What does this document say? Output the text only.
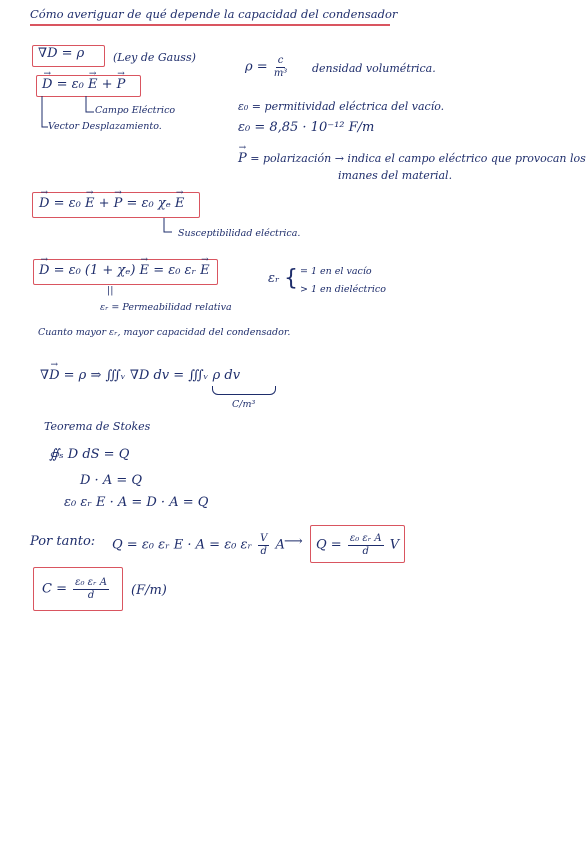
Cómo averiguar de qué depende la capacidad del condensador
∇D = ρ	(Ley de Gauss)
$\rho = \frac{c}{\text{m³}}$ densidad volumétrica.
→ D = ε₀ → E + → P
Campo Eléctrico
Vector Desplazamiento.
ε₀ = permitividad eléctrica del vacío.
ε₀ = 8,85 · 10⁻¹² F/m
→ P = polarización → indica el campo eléctrico que provocan los
imanes del material.
→ D = ε₀ → E + → P = ε₀ χₑ → E
Susceptibilidad eléctrica.
→ D = ε₀ (1 + χₑ) → E = ε₀ εᵣ → E
||
εᵣ = Permeabilidad relativa
εᵣ { = 1 en el vacío
> 1 en dieléctrico
Cuanto mayor εᵣ, mayor capacidad del condensador.
∇→ D = ρ ⇒ ∭ᵥ ∇D dv = ∭ᵥ ρ dv
C/m³
Teorema de Stokes
∯ₛ D dS = Q
D · A = Q
ε₀ εᵣ E · A = D · A = Q
Por tanto: Q = ε₀ εᵣ E · A = ε₀ εᵣ $\frac{V}{d}$ A ⟶ $Q = \frac{\text{ε₀ εᵣ A}}{d}$ V
$C = \frac{\text{ε₀ εᵣ A}}{d} (F/m)$
